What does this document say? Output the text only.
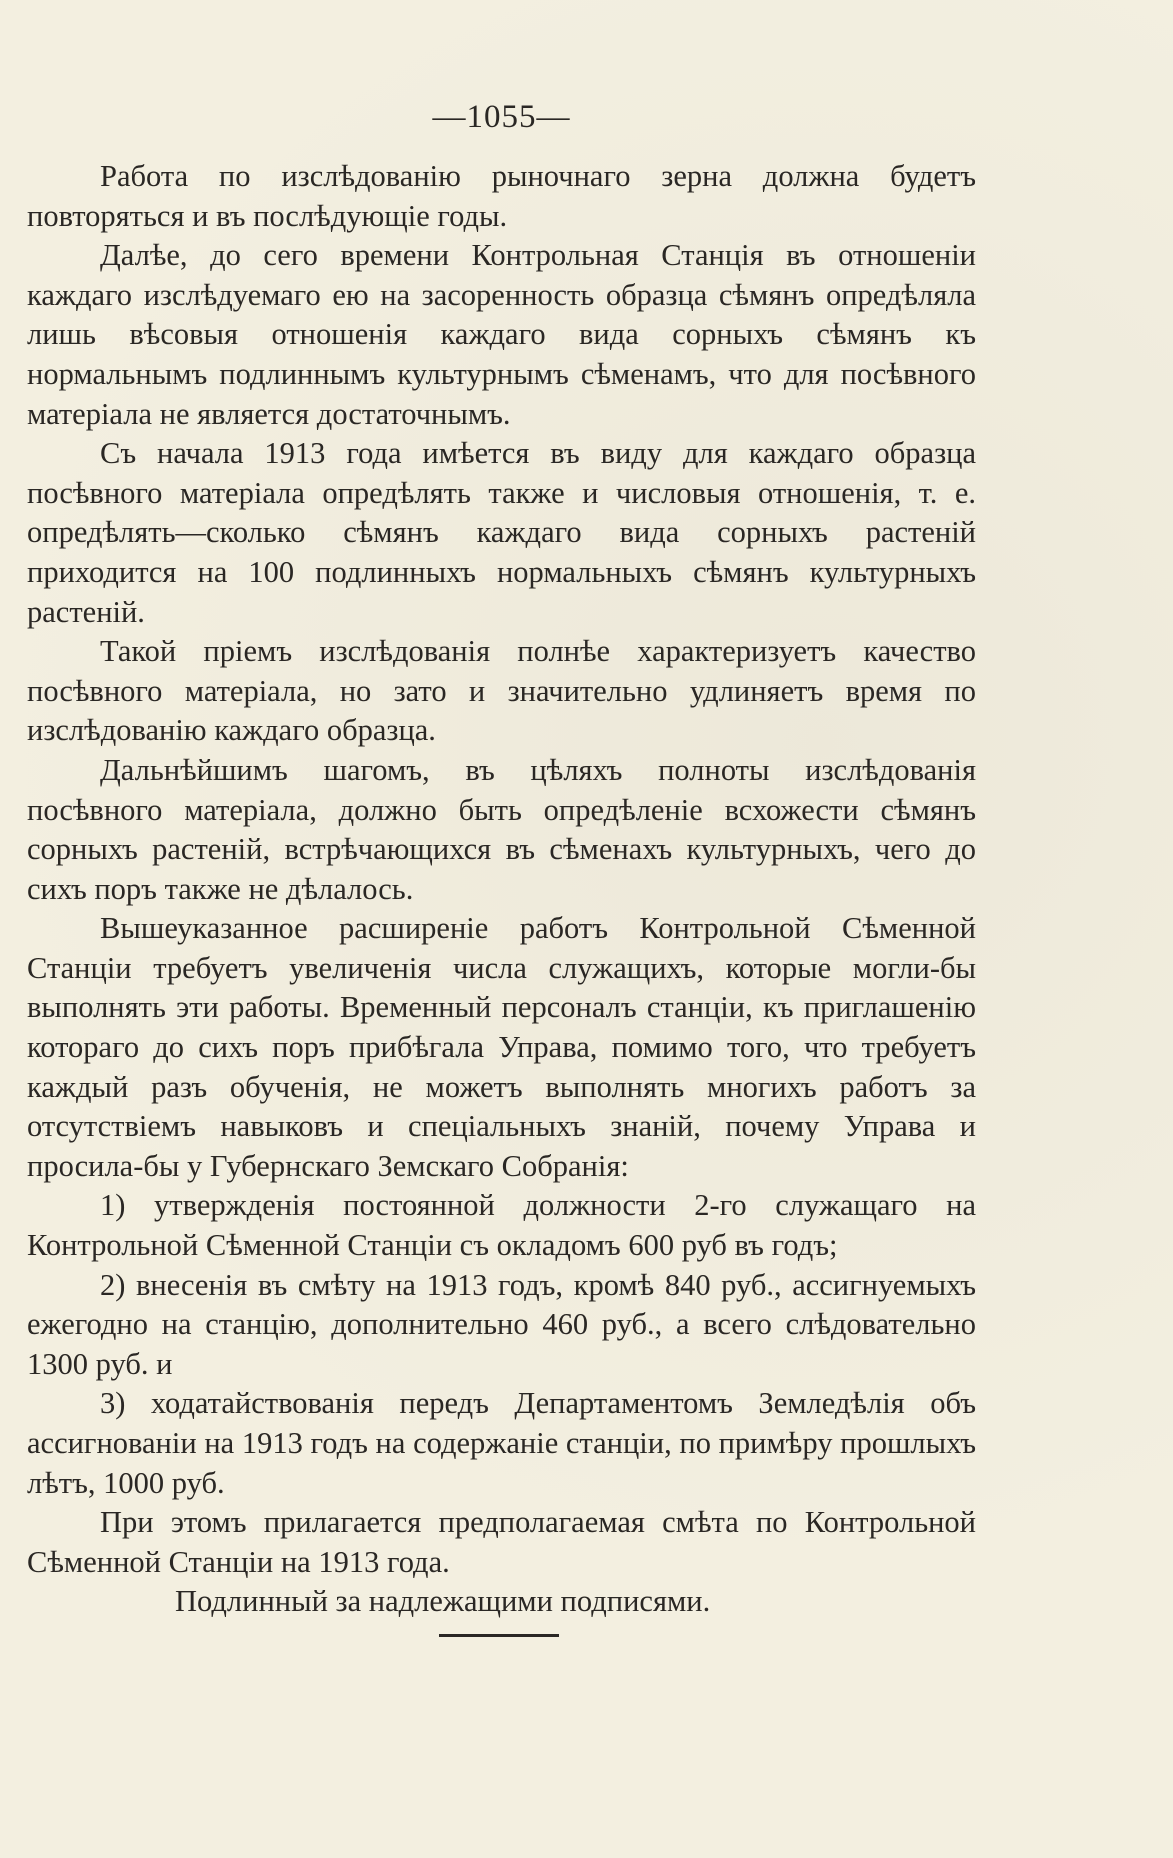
—1055—

Работа по изслѣдованію рыночнаго зерна должна будетъ повторяться и въ послѣдующіе годы.

Далѣе, до сего времени Контрольная Станція въ отношеніи каждаго изслѣдуемаго ею на засоренность образца сѣмянъ опредѣляла лишь вѣсовыя отношенія каждаго вида сорныхъ сѣмянъ къ нормальнымъ подлиннымъ культурнымъ сѣменамъ, что для посѣвного матеріала не является достаточнымъ.

Съ начала 1913 года имѣется въ виду для каждаго образца посѣвного матеріала опредѣлять также и числовыя отношенія, т. е. опредѣлять—сколько сѣмянъ каждаго вида сорныхъ растеній приходится на 100 подлинныхъ нормальныхъ сѣмянъ культурныхъ растеній.

Такой пріемъ изслѣдованія полнѣе характеризуетъ качество посѣвного матеріала, но зато и значительно удлиняетъ время по изслѣдованію каждаго образца.

Дальнѣйшимъ шагомъ, въ цѣляхъ полноты изслѣдованія посѣвного матеріала, должно быть опредѣленіе всхожести сѣмянъ сорныхъ растеній, встрѣчающихся въ сѣменахъ культурныхъ, чего до сихъ поръ также не дѣлалось.

Вышеуказанное расширеніе работъ Контрольной Сѣменной Станціи требуетъ увеличенія числа служащихъ, которые могли-бы выполнять эти работы. Временный персоналъ станціи, къ приглашенію котораго до сихъ поръ прибѣгала Управа, помимо того, что требуетъ каждый разъ обученія, не можетъ выполнять многихъ работъ за отсутствіемъ навыковъ и спеціальныхъ знаній, почему Управа и просила-бы у Губернскаго Земскаго Собранія:

1) утвержденія постоянной должности 2-го служащаго на Контрольной Сѣменной Станціи съ окладомъ 600 руб въ годъ;

2) внесенія въ смѣту на 1913 годъ, кромѣ 840 руб., ассигнуемыхъ ежегодно на станцію, дополнительно 460 руб., а всего слѣдовательно 1300 руб. и

3) ходатайствованія передъ Департаментомъ Земледѣлія объ ассигнованіи на 1913 годъ на содержаніе станціи, по примѣру прошлыхъ лѣтъ, 1000 руб.

При этомъ прилагается предполагаемая смѣта по Контрольной Сѣменной Станціи на 1913 года.

Подлинный за надлежащими подписями.
